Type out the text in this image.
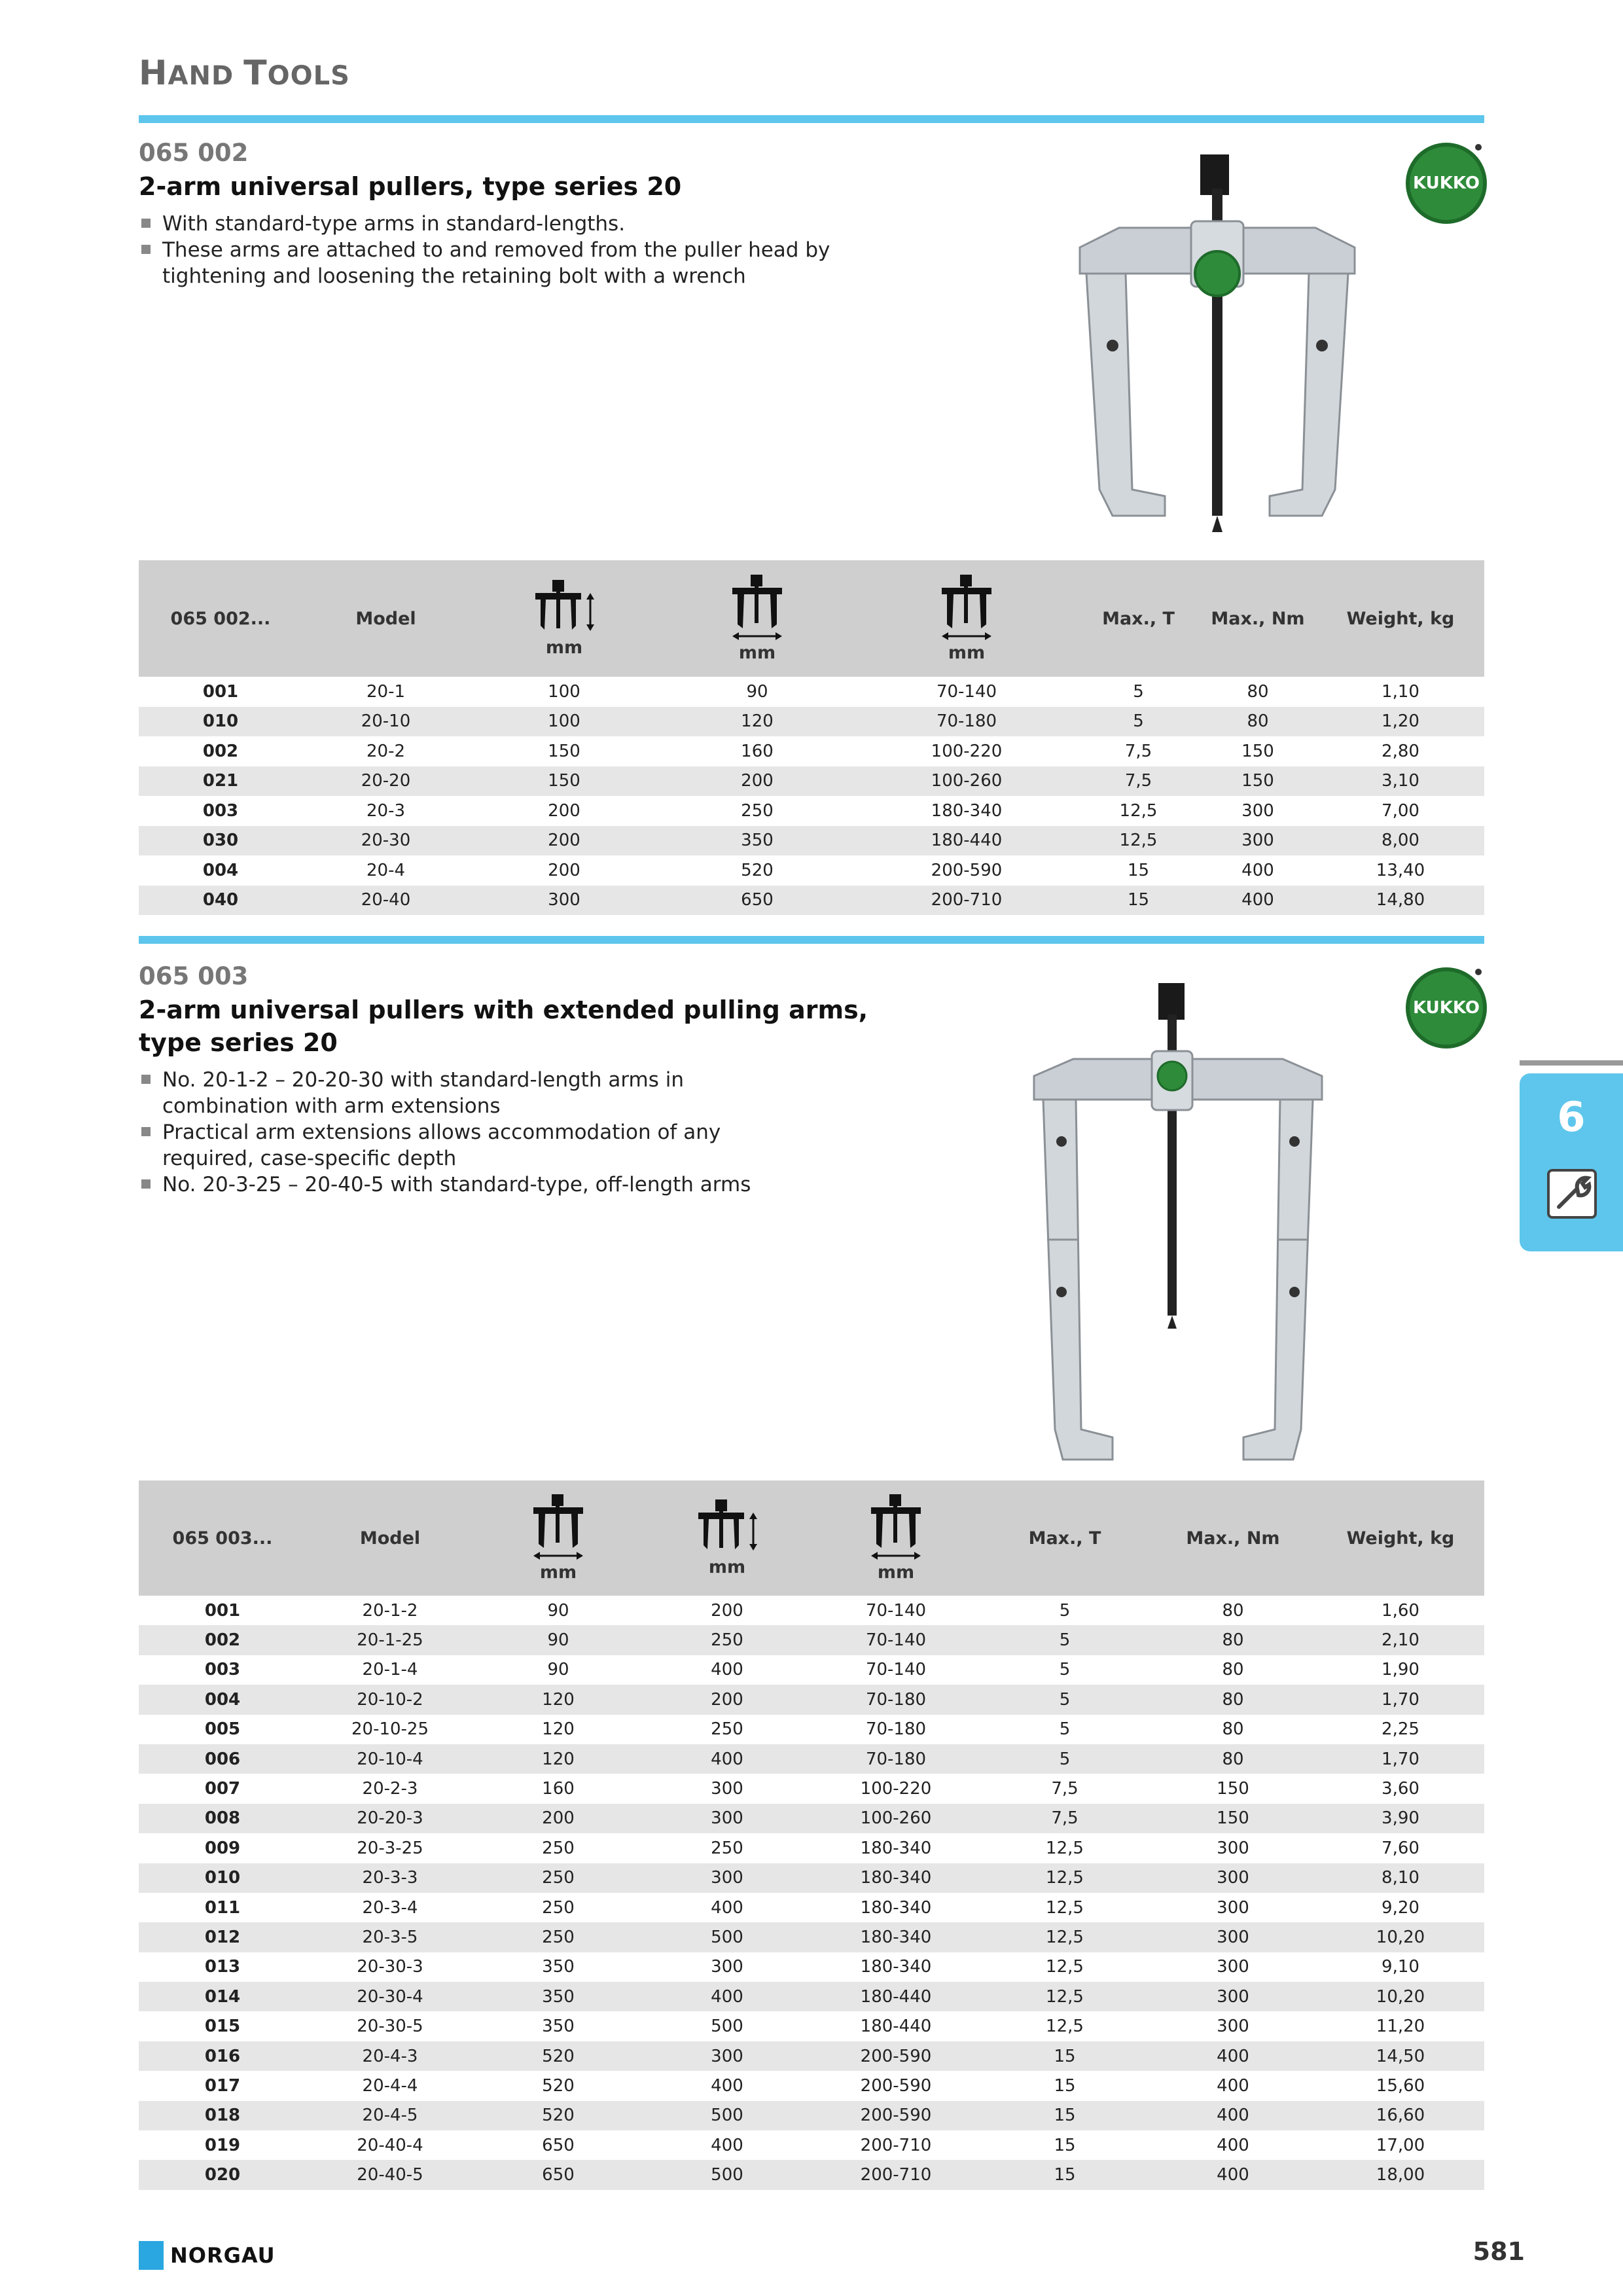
HAND TOOLS
065 002
2-arm universal pullers, type series 20
With standard-type arms in standard-lengths.
These arms are attached to and removed from the puller head by tightening and loosening the retaining bolt with a wrench
KUKKO
065 002...	Model	mm	mm	mm	Max., T	Max., Nm	Weight, kg
001	20-1	100	90	70-140	5	80	1,10
010	20-10	100	120	70-180	5	80	1,20
002	20-2	150	160	100-220	7,5	150	2,80
021	20-20	150	200	100-260	7,5	150	3,10
003	20-3	200	250	180-340	12,5	300	7,00
030	20-30	200	350	180-440	12,5	300	8,00
004	20-4	200	520	200-590	15	400	13,40
040	20-40	300	650	200-710	15	400	14,80
065 003
2-arm universal pullers with extended pulling arms,
type series 20
No. 20-1-2 – 20-20-30 with standard-length arms in combination with arm extensions
Practical arm extensions allows accommodation of any required, case-specific depth
No. 20-3-25 – 20-40-5 with standard-type, off-length arms
KUKKO
065 003...	Model	mm	mm	mm	Max., T	Max., Nm	Weight, kg
001	20-1-2	90	200	70-140	5	80	1,60
002	20-1-25	90	250	70-140	5	80	2,10
003	20-1-4	90	400	70-140	5	80	1,90
004	20-10-2	120	200	70-180	5	80	1,70
005	20-10-25	120	250	70-180	5	80	2,25
006	20-10-4	120	400	70-180	5	80	1,70
007	20-2-3	160	300	100-220	7,5	150	3,60
008	20-20-3	200	300	100-260	7,5	150	3,90
009	20-3-25	250	250	180-340	12,5	300	7,60
010	20-3-3	250	300	180-340	12,5	300	8,10
011	20-3-4	250	400	180-340	12,5	300	9,20
012	20-3-5	250	500	180-340	12,5	300	10,20
013	20-30-3	350	300	180-340	12,5	300	9,10
014	20-30-4	350	400	180-440	12,5	300	10,20
015	20-30-5	350	500	180-440	12,5	300	11,20
016	20-4-3	520	300	200-590	15	400	14,50
017	20-4-4	520	400	200-590	15	400	15,60
018	20-4-5	520	500	200-590	15	400	16,60
019	20-40-4	650	400	200-710	15	400	17,00
020	20-40-5	650	500	200-710	15	400	18,00
6
NORGAU	581
